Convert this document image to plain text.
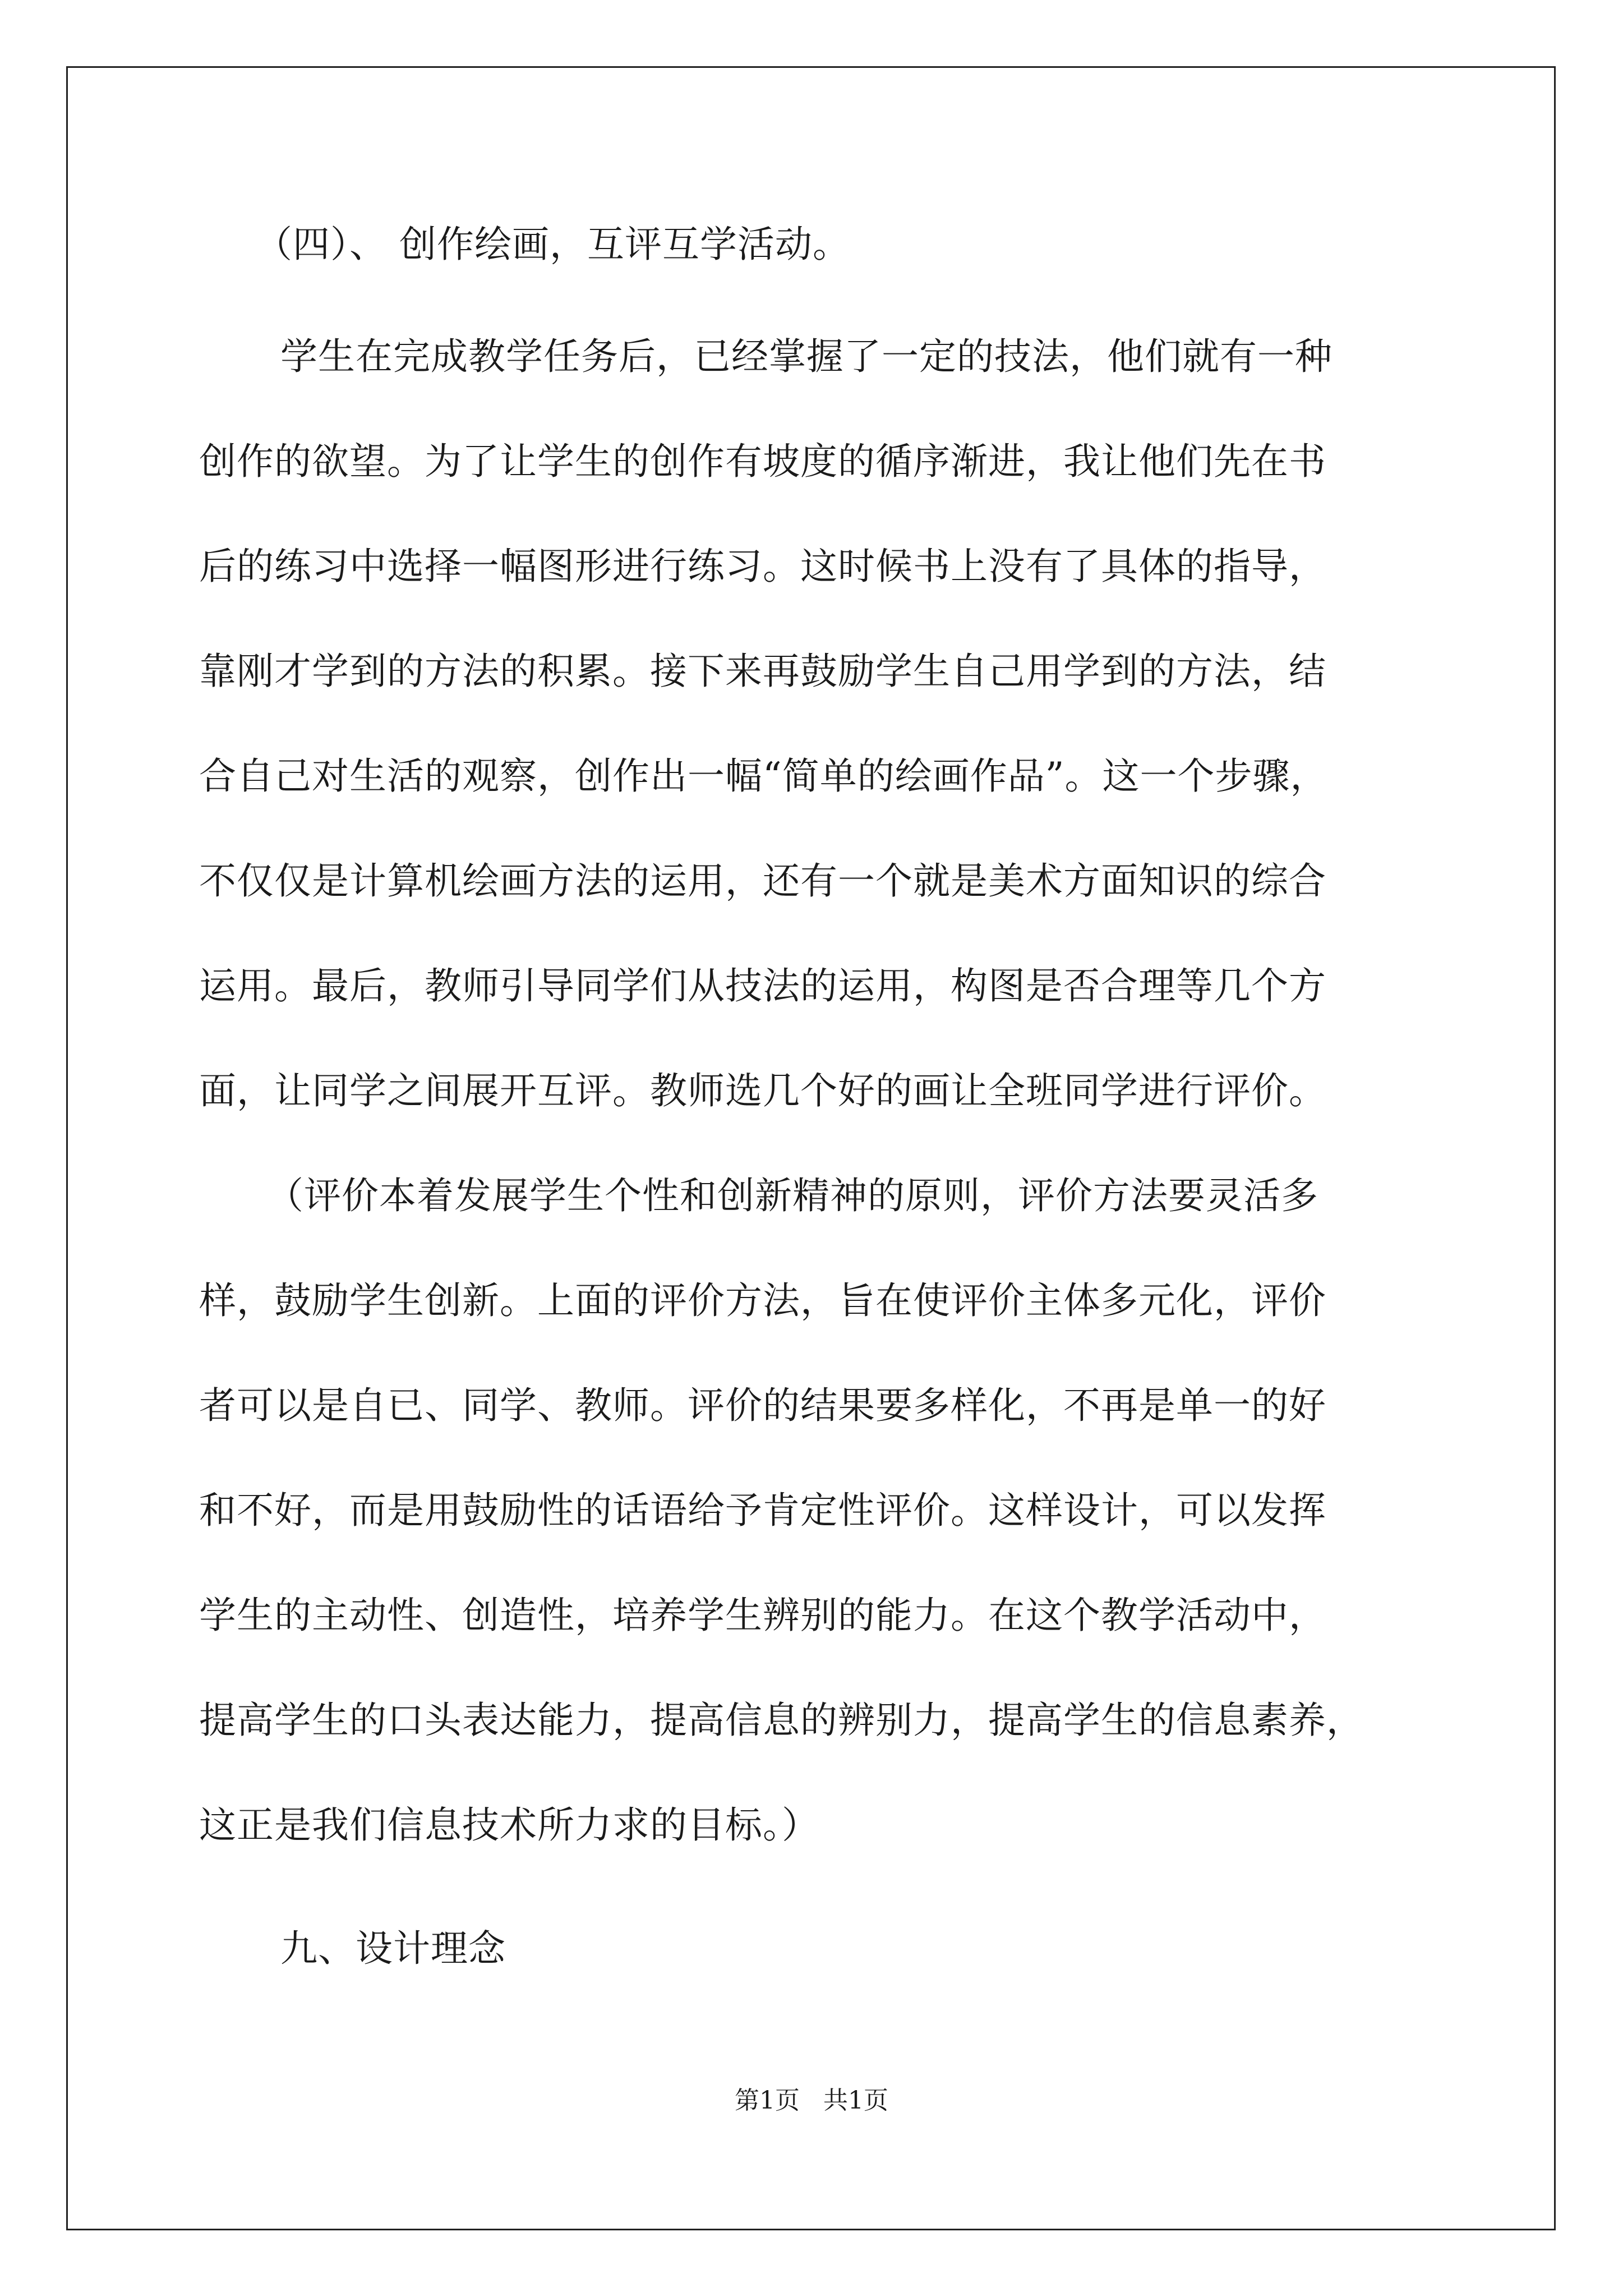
（四）、 创作绘画，互评互学活动。
学生在完成教学任务后，已经掌握了一定的技法，他们就有一种
创作的欲望。为了让学生的创作有坡度的循序渐进，我让他们先在书
后的练习中选择一幅图形进行练习。这时候书上没有了具体的指导，
靠刚才学到的方法的积累。接下来再鼓励学生自己用学到的方法，结
合自己对生活的观察，创作出一幅“简单的绘画作品”。这一个步骤，
不仅仅是计算机绘画方法的运用，还有一个就是美术方面知识的综合
运用。最后，教师引导同学们从技法的运用，构图是否合理等几个方
面，让同学之间展开互评。教师选几个好的画让全班同学进行评价。
（评价本着发展学生个性和创新精神的原则，评价方法要灵活多
样，鼓励学生创新。上面的评价方法，旨在使评价主体多元化，评价
者可以是自已、同学、教师。评价的结果要多样化，不再是单一的好
和不好，而是用鼓励性的话语给予肯定性评价。这样设计，可以发挥
学生的主动性、创造性，培养学生辨别的能力。在这个教学活动中，
提高学生的口头表达能力，提高信息的辨别力，提高学生的信息素养，
这正是我们信息技术所力求的目标。）
九、设计理念
第1页   共1页
